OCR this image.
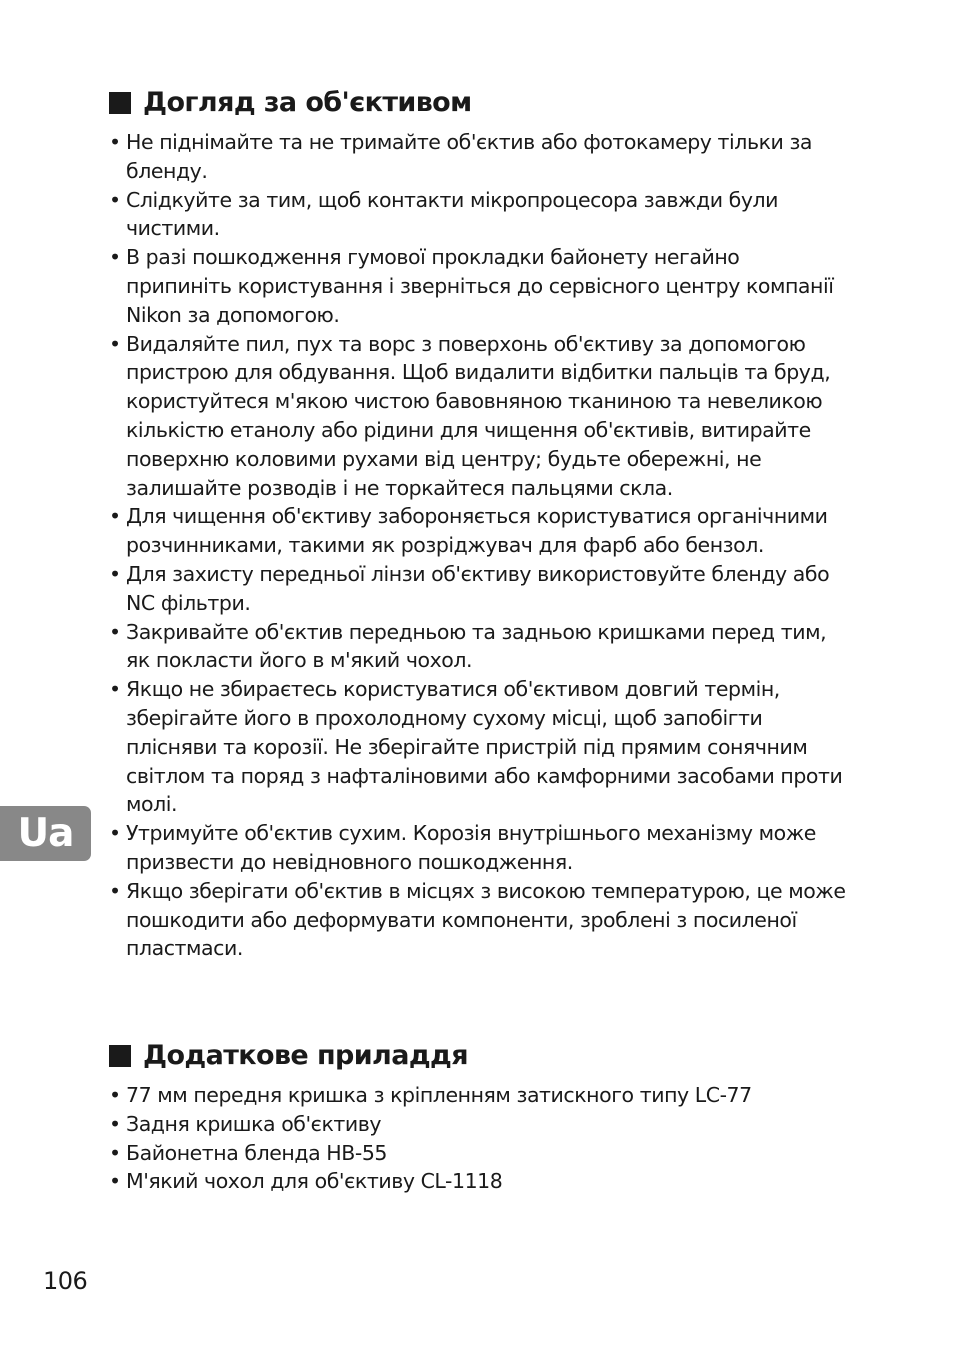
Догляд за об'єктивом
• Не піднімайте та не тримайте об'єктив або фотокамеру тільки за бленду.
• Слідкуйте за тим, щоб контакти мікропроцесора завжди були чистими.
• В разі пошкодження гумової прокладки байонету негайно припиніть користування і зверніться до сервісного центру компанії Nikon за допомогою.
• Видаляйте пил, пух та ворс з поверхонь об'єктиву за допомогою пристрою для обдування. Щоб видалити відбитки пальців та бруд, користуйтеся м'якою чистою бавовняною тканиною та невеликою кількістю етанолу або рідини для чищення об'єктивів, витирайте поверхню коловими рухами від центру; будьте обережні, не залишайте розводів і не торкайтеся пальцями скла.
• Для чищення об'єктиву забороняється користуватися органічними розчинниками, такими як розріджувач для фарб або бензол.
• Для захисту передньої лінзи об'єктиву використовуйте бленду або NC фільтри.
• Закривайте об'єктив передньою та задньою кришками перед тим, як покласти його в м'який чохол.
• Якщо не збираєтесь користуватися об'єктивом довгий термін, зберігайте його в прохолодному сухому місці, щоб запобігти плісняви та корозії. Не зберігайте пристрій під прямим сонячним світлом та поряд з нафталіновими або камфорними засобами проти молі.
• Утримуйте об'єктив сухим. Корозія внутрішнього механізму може призвести до невідновного пошкодження.
• Якщо зберігати об'єктив в місцях з високою температурою, це може пошкодити або деформувати компоненти, зроблені з посиленої пластмаси.
Додаткове приладдя
• 77 мм передня кришка з кріпленням затискного типу LC-77
• Задня кришка об'єктиву
• Байонетна бленда HB-55
• М'який чохол для об'єктиву CL-1118
Ua
106
